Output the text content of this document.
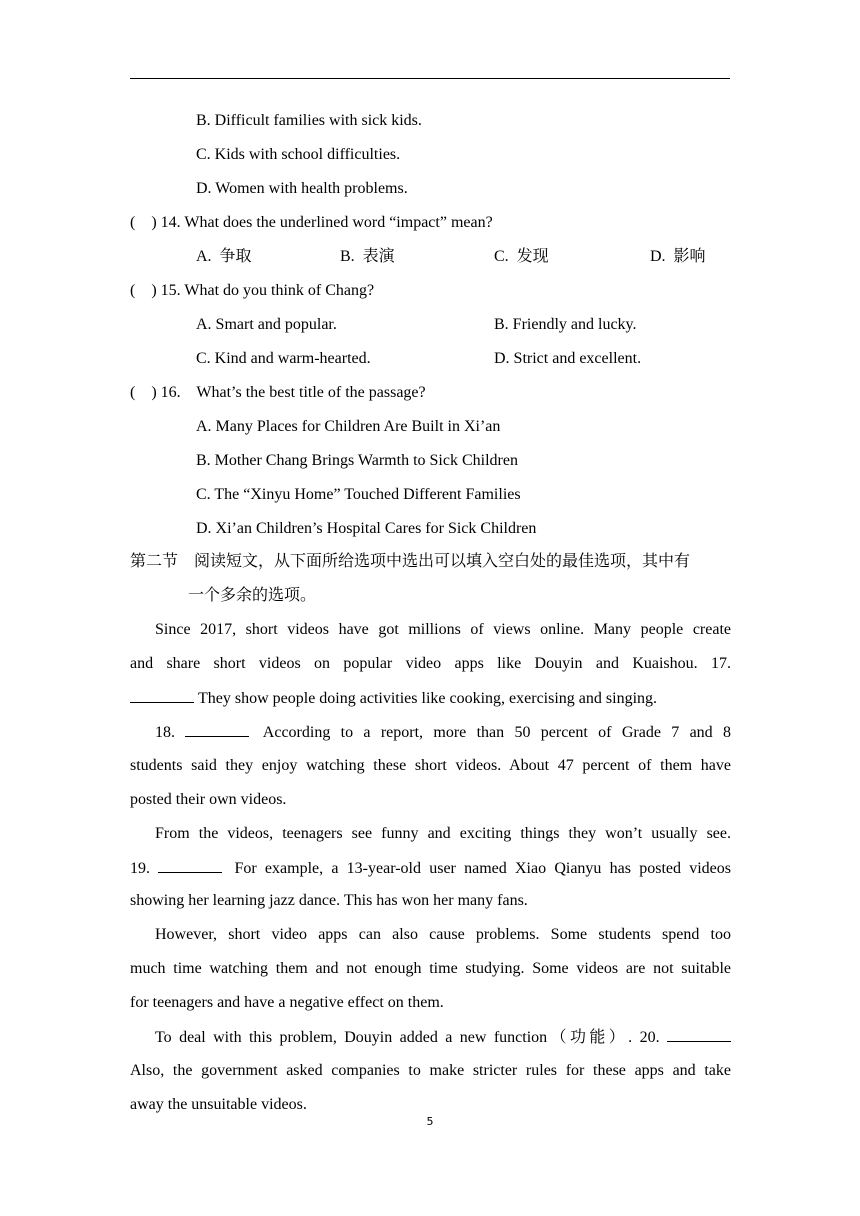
B. Difficult families with sick kids.
C. Kids with school difficulties.
D. Women with health problems.
(    ) 14. What does the underlined word “impact” mean?
A.  争取	B.  表演	C.  发现	D.  影响
(    ) 15. What do you think of Chang?
A. Smart and popular.	B. Friendly and lucky.
C. Kind and warm-hearted.	D. Strict and excellent.
(    ) 16.    What’s the best title of the passage?
A. Many Places for Children Are Built in Xi’an
B. Mother Chang Brings Warmth to Sick Children
C. The “Xinyu Home” Touched Different Families
D. Xi’an Children’s Hospital Cares for Sick Children
第二节    阅读短文，从下面所给选项中选出可以填入空白处的最佳选项，其中有
一个多余的选项。
Since 2017, short videos have got millions of views online. Many people create
and share short videos on popular video apps like Douyin and Kuaishou. 17.
They show people doing activities like cooking, exercising and singing.
18.	According to a report, more than 50 percent of Grade 7 and 8
students said they enjoy watching these short videos. About 47 percent of them have
posted their own videos.
From the videos, teenagers see funny and exciting things they won’t usually see.
19.	For example, a 13-year-old user named Xiao Qianyu has posted videos
showing her learning jazz dance. This has won her many fans.
However, short video apps can also cause problems. Some students spend too
much time watching them and not enough time studying. Some videos are not suitable
for teenagers and have a negative effect on them.
To deal with this problem, Douyin added a new function（功能）. 20.
Also, the government asked companies to make stricter rules for these apps and take
away the unsuitable videos.
5
